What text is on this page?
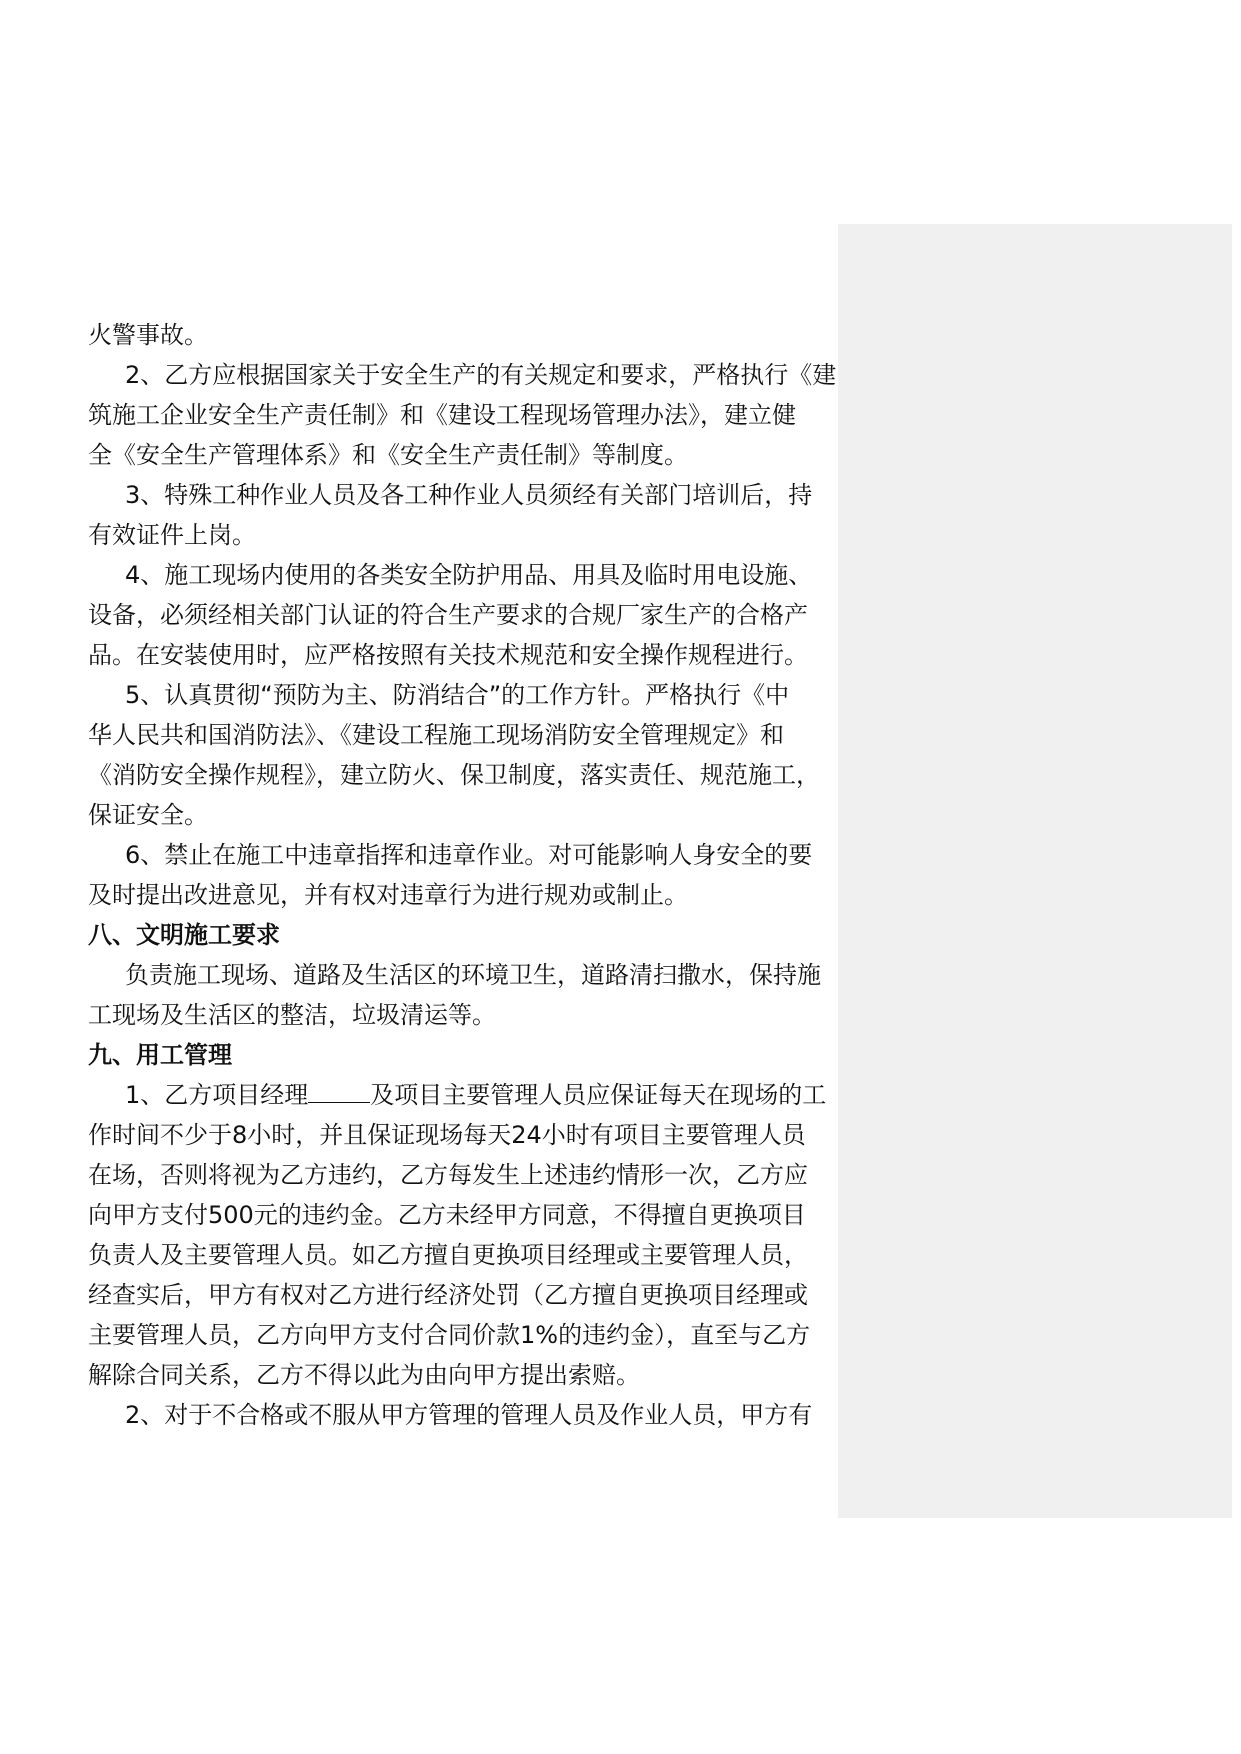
火警事故。
2、乙方应根据国家关于安全生产的有关规定和要求，严格执行《建
筑施工企业安全生产责任制》和《建设工程现场管理办法》，建立健
全《安全生产管理体系》和《安全生产责任制》等制度。
3、特殊工种作业人员及各工种作业人员须经有关部门培训后，持
有效证件上岗。
4、施工现场内使用的各类安全防护用品、用具及临时用电设施、
设备，必须经相关部门认证的符合生产要求的合规厂家生产的合格产
品。在安装使用时，应严格按照有关技术规范和安全操作规程进行。
5、认真贯彻“预防为主、防消结合”的工作方针。严格执行《中
华人民共和国消防法》、《建设工程施工现场消防安全管理规定》和
《消防安全操作规程》，建立防火、保卫制度，落实责任、规范施工，
保证安全。
6、禁止在施工中违章指挥和违章作业。对可能影响人身安全的要
及时提出改进意见，并有权对违章行为进行规劝或制止。
八、文明施工要求
负责施工现场、道路及生活区的环境卫生，道路清扫撒水，保持施
工现场及生活区的整洁，垃圾清运等。
九、用工管理
1、乙方项目经理	及项目主要管理人员应保证每天在现场的工
作时间不少于8小时，并且保证现场每天24小时有项目主要管理人员
在场，否则将视为乙方违约，乙方每发生上述违约情形一次，乙方应
向甲方支付500元的违约金。乙方未经甲方同意，不得擅自更换项目
负责人及主要管理人员。如乙方擅自更换项目经理或主要管理人员，
经查实后，甲方有权对乙方进行经济处罚（乙方擅自更换项目经理或
主要管理人员，乙方向甲方支付合同价款1%的违约金），直至与乙方
解除合同关系，乙方不得以此为由向甲方提出索赔。
2、对于不合格或不服从甲方管理的管理人员及作业人员，甲方有
